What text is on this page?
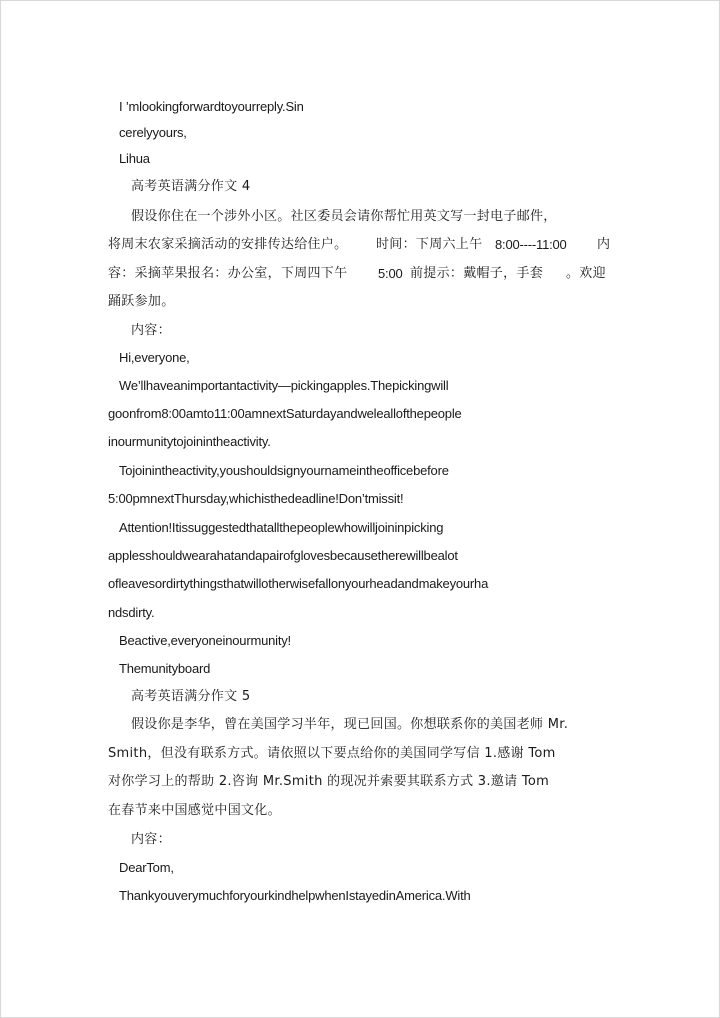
I ’mlookingforwardtoyourreply.Sin
cerelyyours,
Lihua
高考英语满分作文 4
假设你住在一个涉外小区。社区委员会请你帮忙用英文写一封电子邮件，
将周末农家采摘活动的安排传达给住户。 时间：下周六上午 8:00----11:00 内
容：采摘苹果报名：办公室，下周四下午 5:00 前提示：戴帽子，手套 。欢迎
踊跃参加。
内容：
Hi,everyone,
We’llhaveanimportantactivity—pickingapples.Thepickingwill
goonfrom8:00amto11:00amnextSaturdayandweleallofthepeople
inourmunitytojoinintheactivity.
Tojoinintheactivity,youshouldsignyournameintheofficebefore
5:00pmnextThursday,whichisthedeadline!Don’tmissit!
Attention!Itissuggestedthatallthepeoplewhowilljoininpicking
applesshouldwearahatandapairofglovesbecausetherewillbealot
ofleavesordirtythingsthatwillotherwisefallonyourheadandmakeyourha
ndsdirty.
Beactive,everyoneinourmunity!
Themunityboard
高考英语满分作文 5
假设你是李华，曾在美国学习半年，现已回国。你想联系你的美国老师 Mr.
Smith，但没有联系方式。请依照以下要点给你的美国同学写信 1.感谢 Tom
对你学习上的帮助 2.咨询 Mr.Smith 的现况并索要其联系方式 3.邀请 Tom
在春节来中国感觉中国文化。
内容：
DearTom,
ThankyouverymuchforyourkindhelpwhenIstayedinAmerica.With
